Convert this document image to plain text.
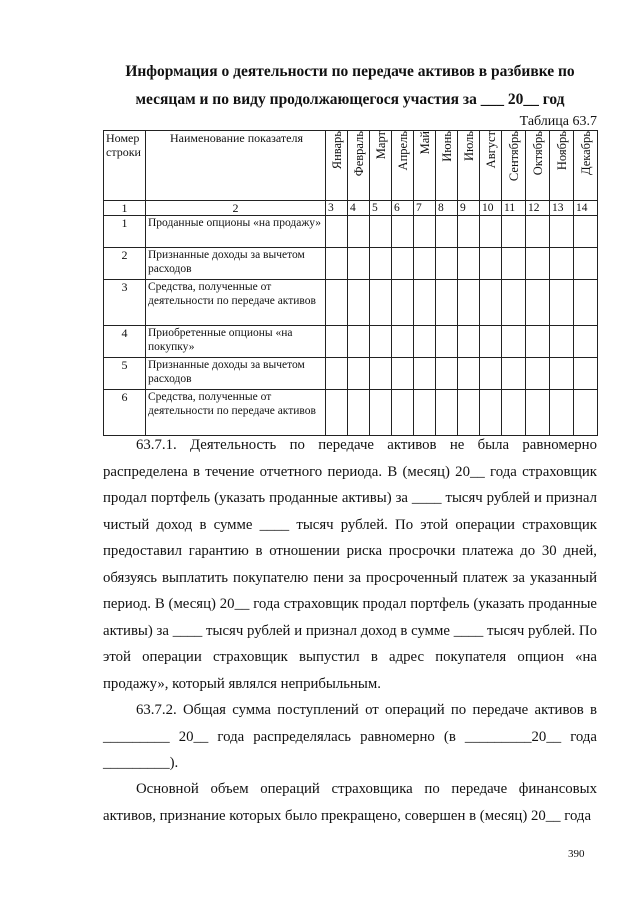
Информация о деятельности по передаче активов в разбивке по
месяцам и по виду продолжающегося участия за ___ 20__ год
Таблица 63.7
Номер строки	Наименование показателя	Январь	Февраль	Март	Апрель	Май	Июнь	Июль	Август	Сентябрь	Октябрь	Ноябрь	Декабрь
1	2	3	4	5	6	7	8	9	10	11	12	13	14
1	Проданные опционы «на продажу»												
2	Признанные доходы за вычетом расходов												
3	Средства, полученные от деятельности по передаче активов												
4	Приобретенные опционы «на покупку»												
5	Признанные доходы за вычетом расходов												
6	Средства, полученные от деятельности по передаче активов												

63.7.1. Деятельность по передаче активов не была равномерно распределена в течение отчетного периода. В (месяц) 20__ года страховщик продал портфель (указать проданные активы) за ____ тысяч рублей и признал чистый доход в сумме ____ тысяч рублей. По этой операции страховщик предоставил гарантию в отношении риска просрочки платежа до 30 дней, обязуясь выплатить покупателю пени за просроченный платеж за указанный период. В (месяц) 20__ года страховщик продал портфель (указать проданные активы) за ____ тысяч рублей и признал доход в сумме ____ тысяч рублей. По этой операции страховщик выпустил в адрес покупателя опцион «на продажу», который являлся неприбыльным.

63.7.2. Общая сумма поступлений от операций по передаче активов в _________ 20__ года распределялась равномерно (в _________20__ года _________).

Основной объем операций страховщика по передаче финансовых активов, признание которых было прекращено, совершен в (месяц) 20__ года

390
